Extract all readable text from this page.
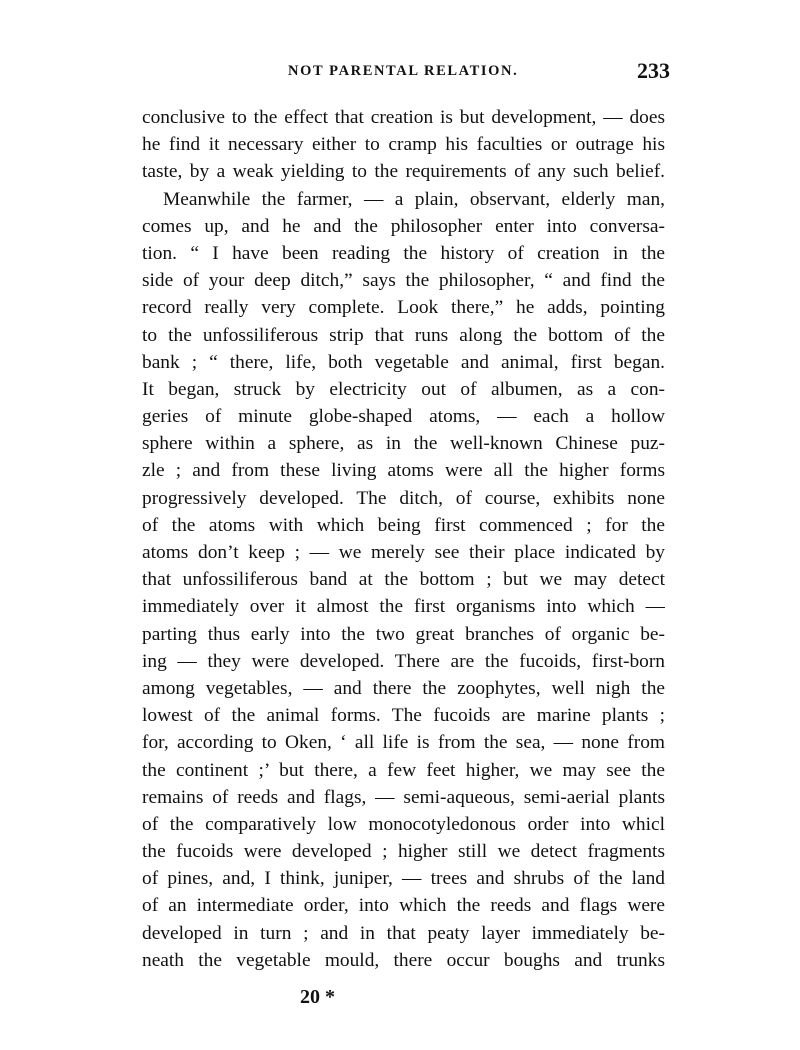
NOT PARENTAL RELATION.	233
conclusive to the effect that creation is but development, — does
he find it necessary either to cramp his faculties or outrage his
taste, by a weak yielding to the requirements of any such belief.
Meanwhile the farmer, — a plain, observant, elderly man,
comes up, and he and the philosopher enter into conversa-
tion. “ I have been reading the history of creation in the
side of your deep ditch,” says the philosopher, “ and find the
record really very complete. Look there,” he adds, pointing
to the unfossiliferous strip that runs along the bottom of the
bank ; “ there, life, both vegetable and animal, first began.
It began, struck by electricity out of albumen, as a con-
geries of minute globe-shaped atoms, — each a hollow
sphere within a sphere, as in the well-known Chinese puz-
zle ; and from these living atoms were all the higher forms
progressively developed. The ditch, of course, exhibits none
of the atoms with which being first commenced ; for the
atoms don’t keep ; — we merely see their place indicated by
that unfossiliferous band at the bottom ; but we may detect
immediately over it almost the first organisms into which —
parting thus early into the two great branches of organic be-
ing — they were developed. There are the fucoids, first-born
among vegetables, — and there the zoophytes, well nigh the
lowest of the animal forms. The fucoids are marine plants ;
for, according to Oken, ‘ all life is from the sea, — none from
the continent ;’ but there, a few feet higher, we may see the
remains of reeds and flags, — semi-aqueous, semi-aerial plants
of the comparatively low monocotyledonous order into whicl
the fucoids were developed ; higher still we detect fragments
of pines, and, I think, juniper, — trees and shrubs of the land
of an intermediate order, into which the reeds and flags were
developed in turn ; and in that peaty layer immediately be-
neath the vegetable mould, there occur boughs and trunks
20 *
